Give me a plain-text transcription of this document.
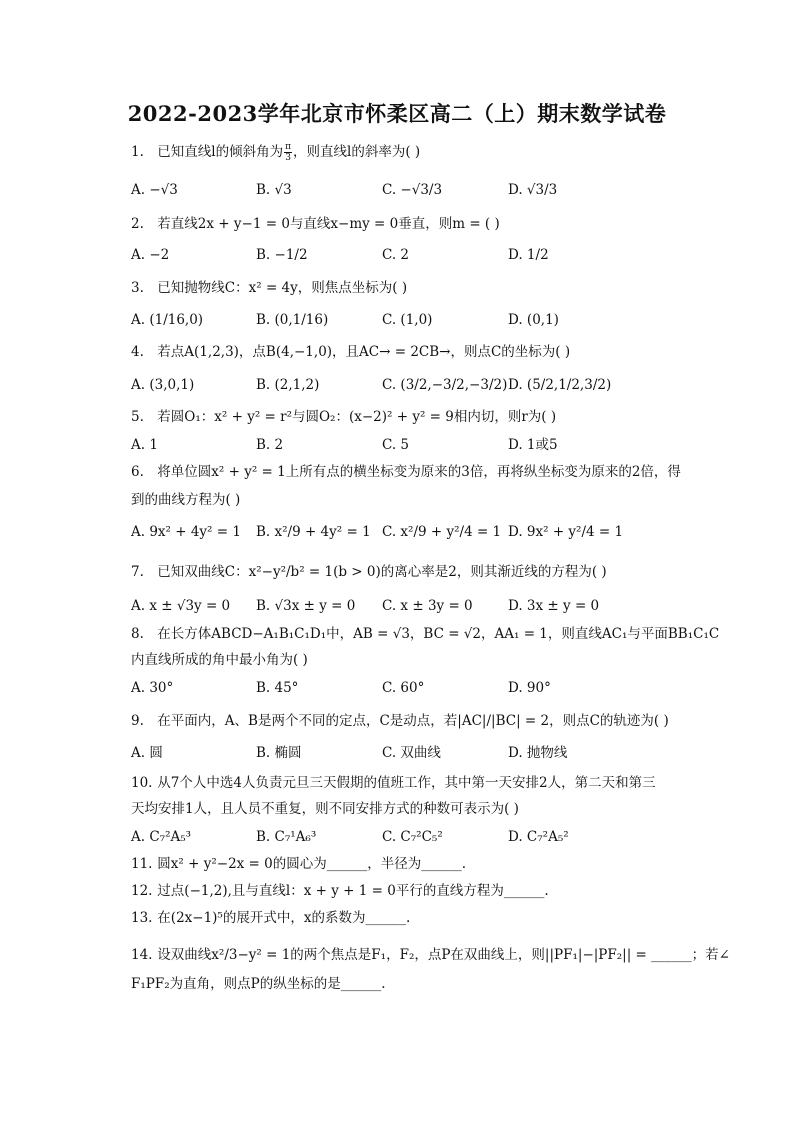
2022-2023学年北京市怀柔区高二（上）期末数学试卷
1. 已知直线l的倾斜角为 $\frac{\pi}{3}$ ，则直线l的斜率为( )
A. −√3	B. √3	C. −√3/3	D. √3/3
2. 若直线2x + y−1 = 0与直线x−my = 0垂直，则m = ( )
A. −2	B. −1/2	C. 2	D. 1/2
3. 已知抛物线C：x² = 4y，则焦点坐标为( )
A. (1/16,0)	B. (0,1/16)	C. (1,0)	D. (0,1)
4. 若点A(1,2,3)，点B(4,−1,0)，且AC→ = 2CB→，则点C的坐标为( )
A. (3,0,1)	B. (2,1,2)	C. (3/2,−3/2,−3/2) D. (5/2,1/2,3/2)
5. 若圆O₁：x² + y² = r²与圆O₂：(x−2)² + y² = 9相内切，则r为( )
A. 1	B. 2	C. 5	D. 1或5
6. 将单位圆x² + y² = 1上所有点的横坐标变为原来的3倍，再将纵坐标变为原来的2倍，得
到的曲线方程为( )
A. 9x² + 4y² = 1 B. x²/9 + 4y² = 1 C. x²/9 + y²/4 = 1 D. 9x² + y²/4 = 1
7. 已知双曲线C：x²−y²/b² = 1(b > 0)的离心率是2，则其渐近线的方程为( )
A. x ± √3y = 0 B. √3x ± y = 0 C. x ± 3y = 0	D. 3x ± y = 0
8. 在长方体ABCD−A₁B₁C₁D₁中，AB = √3，BC = √2，AA₁ = 1，则直线AC₁与平面BB₁C₁C
内直线所成的角中最小角为( )
A. 30°	B. 45°	C. 60°	D. 90°
9. 在平面内，A、B是两个不同的定点，C是动点，若|AC|/|BC| = 2，则点C的轨迹为( )
A. 圆	B. 椭圆	C. 双曲线	D. 抛物线
10. 从7个人中选4人负责元旦三天假期的值班工作，其中第一天安排2人，第二天和第三
天均安排1人，且人员不重复，则不同安排方式的种数可表示为( )
A. C₇²A₅³	B. C₇¹A₆³	C. C₇²C₅²	D. C₇²A₅²
11. 圆x² + y²−2x = 0的圆心为______，半径为______.
12. 过点(−1,2),且与直线l：x + y + 1 = 0平行的直线方程为______.
13. 在(2x−1)⁵的展开式中，x的系数为______.
14. 设双曲线x²/3−y² = 1的两个焦点是F₁，F₂，点P在双曲线上，则||PF₁|−|PF₂|| = ______；若∠
F₁PF₂为直角，则点P的纵坐标的是______.
